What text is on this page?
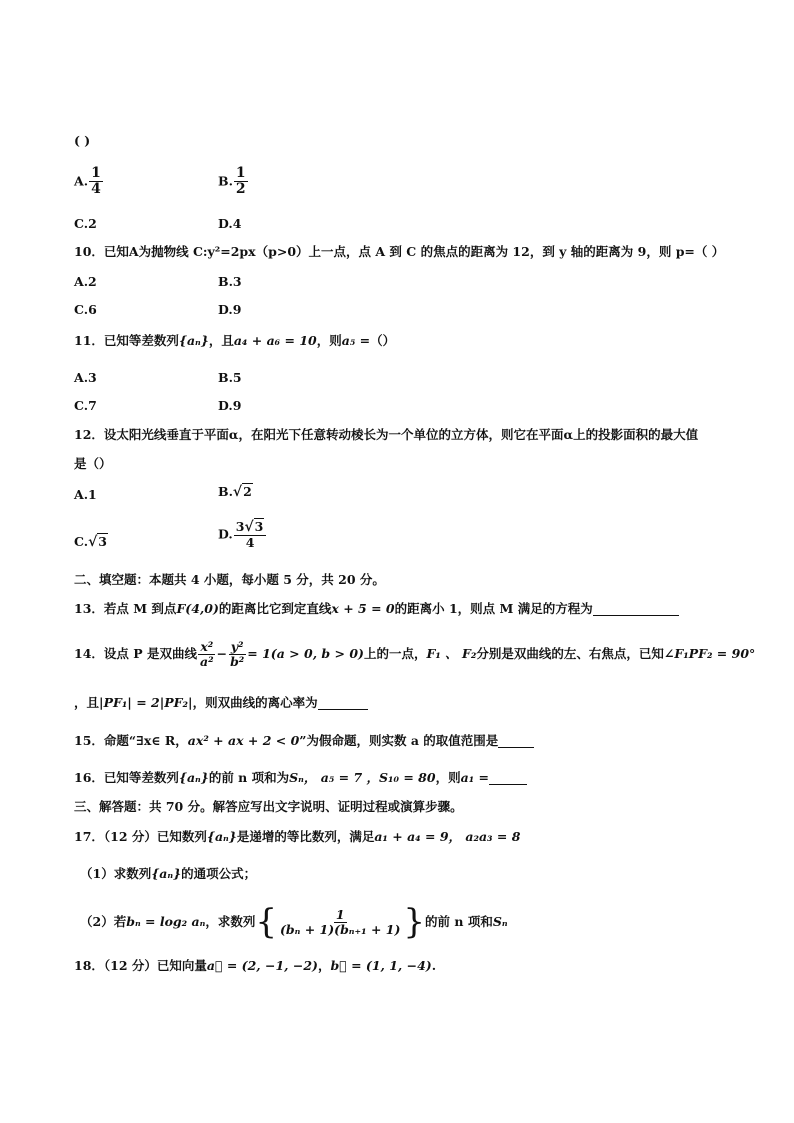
( )
A. $\frac{1}{4}$	B. $\frac{1}{2}$
C.2	D.4
10．已知A为抛物线 C:y²=2px（p>0）上一点，点 A 到 C 的焦点的距离为 12，到 y 轴的距离为 9，则 p=（ ）
A.2	B.3
C.6	D.9
11．已知等差数列{aₙ}，且a₄ + a₆ = 10，则a₅ =（）
A.3	B.5
C.7	D.9
12．设太阳光线垂直于平面α，在阳光下任意转动棱长为一个单位的立方体，则它在平面α上的投影面积的最大值
是（）
A.1	B.√2
C.√3	D. $\frac{3√3}{4}$
二、填空题：本题共 4 小题，每小题 5 分，共 20 分。
13．若点 M 到点F(4,0)的距离比它到定直线x + 5 = 0的距离小 1，则点 M 满足的方程为
14．设点 P 是双曲线 $\frac{\text{x²}}{\text{a²}} - \frac{\text{y²}}{\text{b²}} = 1(a > 0$, b > 0)上的一点，F₁ 、 F₂分别是双曲线的左、右焦点，已知∠F₁PF₂ = 90°
，且|PF₁| = 2|PF₂|，则双曲线的离心率为
15．命题“∃x∈ R，ax² + ax + 2 < 0”为假命题，则实数 a 的取值范围是
16．已知等差数列{aₙ}的前 n 项和为Sₙ， a₅ = 7 ，S₁₀ = 80，则a₁ =
三、解答题：共 70 分。解答应写出文字说明、证明过程或演算步骤。
17．（12 分）已知数列{aₙ}是递增的等比数列，满足a₁ + a₄ = 9， a₂a₃ = 8
（1）求数列{aₙ}的通项公式；
（2）若bₙ = log₂ aₙ，求数列{ $\frac{1}{\text{(bₙ + 1)(bₙ₊₁ + 1)}}$ }的前 n 项和Sₙ
18．（12 分）已知向量a⃗ = (2, −1, −2)，b⃗ = (1, 1, −4).
